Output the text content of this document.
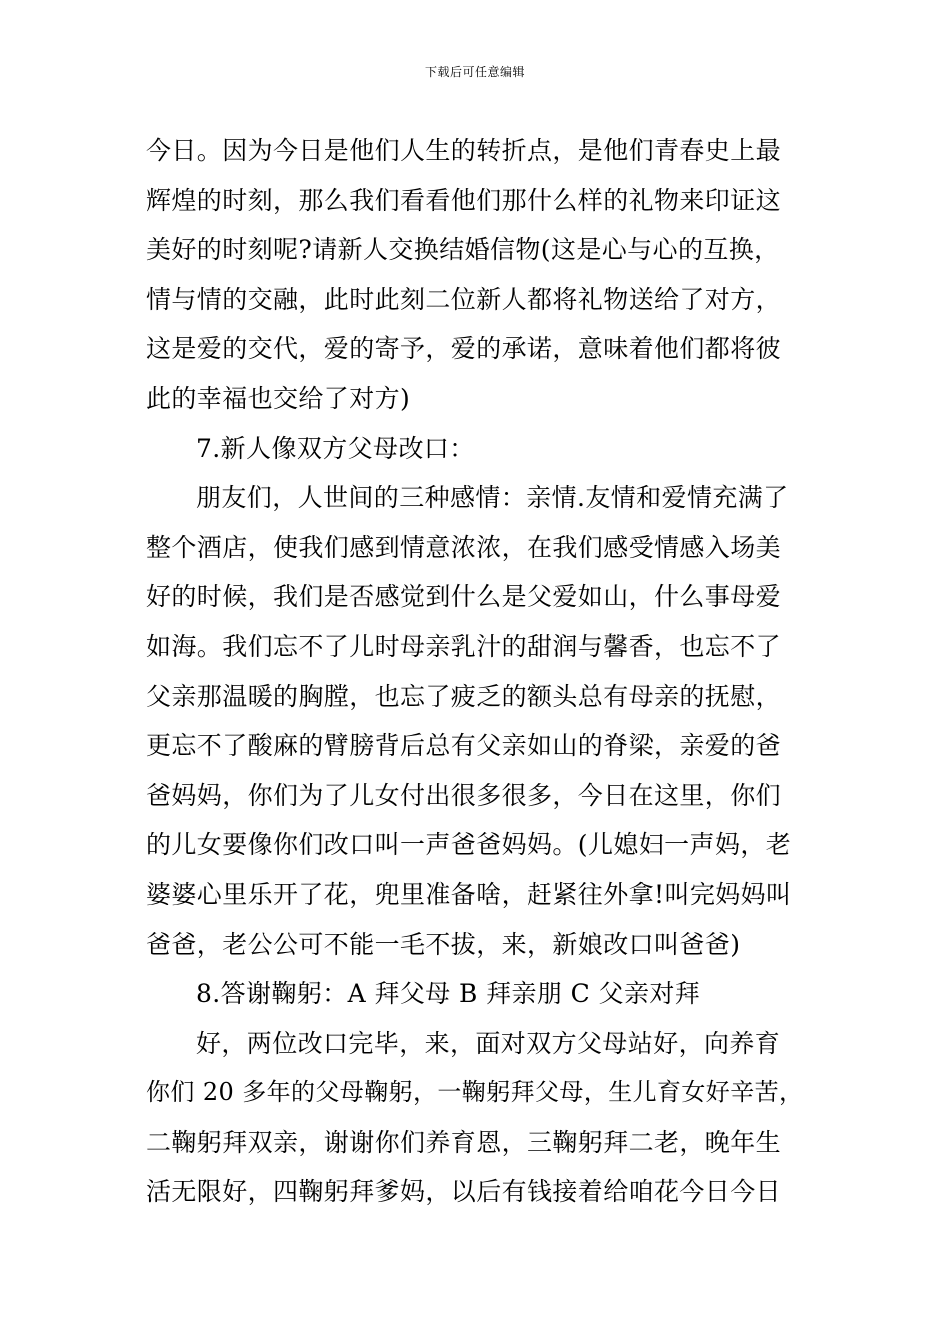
下载后可任意编辑
今日。因为今日是他们人生的转折点，是他们青春史上最
辉煌的时刻，那么我们看看他们那什么样的礼物来印证这
美好的时刻呢?请新人交换结婚信物(这是心与心的互换，
情与情的交融，此时此刻二位新人都将礼物送给了对方，
这是爱的交代，爱的寄予，爱的承诺，意味着他们都将彼
此的幸福也交给了对方)
7.新人像双方父母改口：
朋友们，人世间的三种感情：亲情.友情和爱情充满了
整个酒店，使我们感到情意浓浓，在我们感受情感入场美
好的时候，我们是否感觉到什么是父爱如山，什么事母爱
如海。我们忘不了儿时母亲乳汁的甜润与馨香，也忘不了
父亲那温暖的胸膛，也忘了疲乏的额头总有母亲的抚慰，
更忘不了酸麻的臂膀背后总有父亲如山的脊梁，亲爱的爸
爸妈妈，你们为了儿女付出很多很多，今日在这里，你们
的儿女要像你们改口叫一声爸爸妈妈。(儿媳妇一声妈，老
婆婆心里乐开了花，兜里准备啥，赶紧往外拿!叫完妈妈叫
爸爸，老公公可不能一毛不拔，来，新娘改口叫爸爸)
8.答谢鞠躬：A 拜父母 B 拜亲朋 C 父亲对拜
好，两位改口完毕，来，面对双方父母站好，向养育
你们 20 多年的父母鞠躬，一鞠躬拜父母，生儿育女好辛苦，
二鞠躬拜双亲，谢谢你们养育恩，三鞠躬拜二老，晚年生
活无限好，四鞠躬拜爹妈，以后有钱接着给咱花今日今日
